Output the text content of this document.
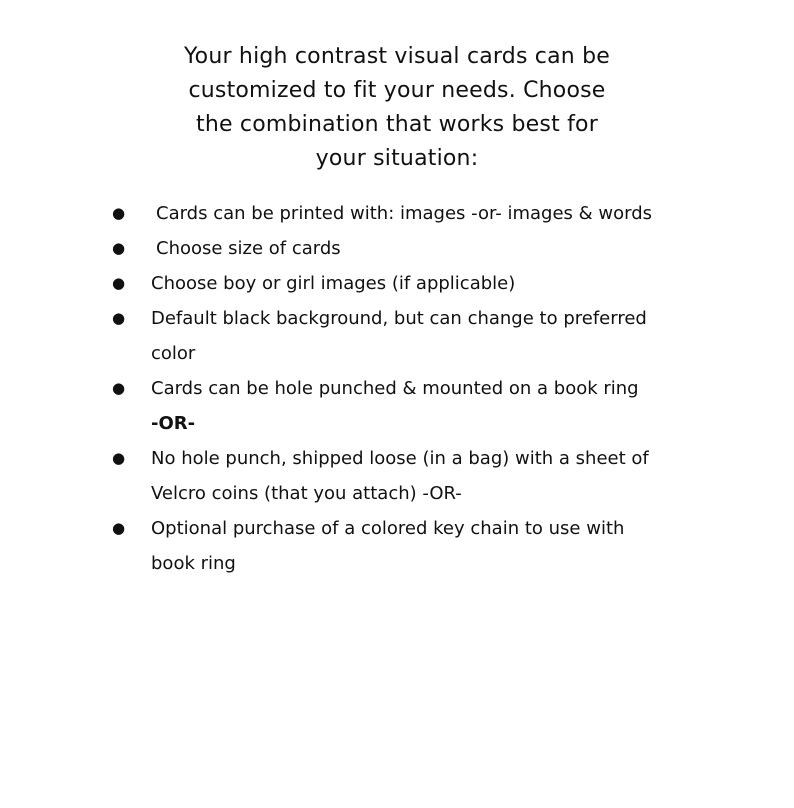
Your high contrast visual cards can be
customized to fit your needs. Choose
the combination that works best for
your situation:
● Cards can be printed with: images -or- images & words
● Choose size of cards
● Choose boy or girl images (if applicable)
● Default black background, but can change to preferred
color
● Cards can be hole punched & mounted on a book ring
-OR-
● No hole punch, shipped loose (in a bag) with a sheet of
Velcro coins (that you attach) -OR-
● Optional purchase of a colored key chain to use with
book ring
